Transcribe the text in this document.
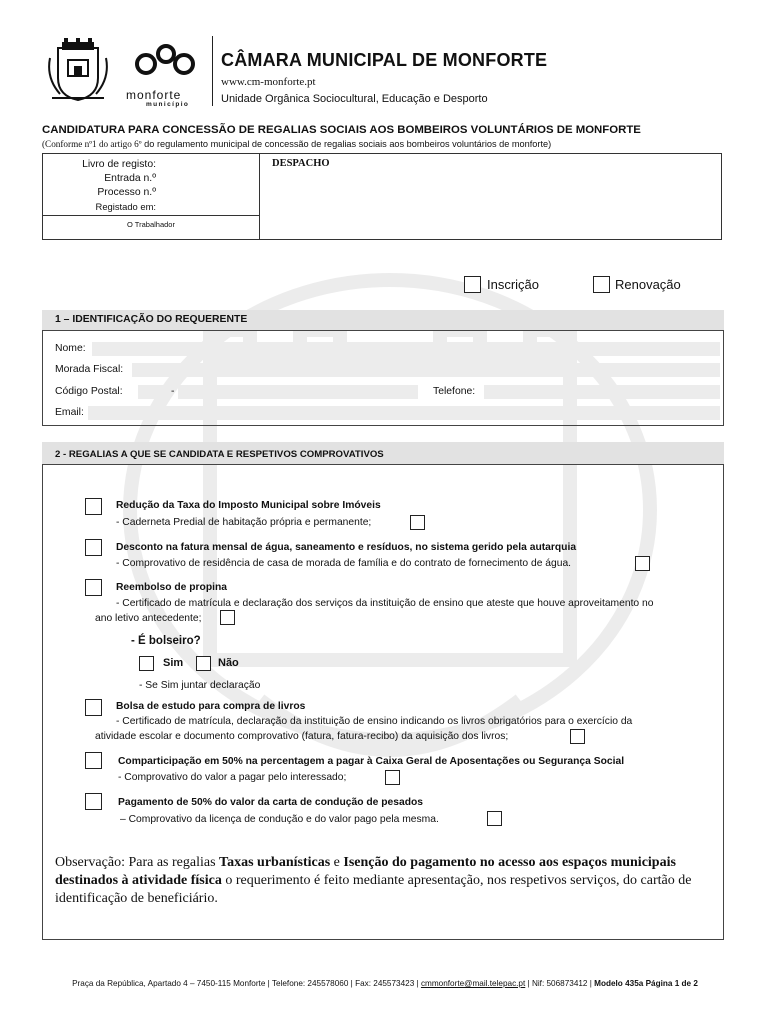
monforte
município
CÂMARA MUNICIPAL DE MONFORTE
www.cm-monforte.pt
Unidade Orgânica Sociocultural, Educação e Desporto
CANDIDATURA PARA CONCESSÃO DE REGALIAS SOCIAIS AOS BOMBEIROS VOLUNTÁRIOS DE MONFORTE
(Conforme nº1 do artigo 6º do regulamento municipal de concessão de regalias sociais aos bombeiros voluntários de monforte)
Livro de registo:
Entrada n.º
Processo n.º
Registado em:
O Trabalhador
DESPACHO
Inscrição	Renovação
1 – IDENTIFICAÇÃO DO REQUERENTE
Nome:
Morada Fiscal:
Código Postal:	-	Telefone:
Email:
2 - REGALIAS A QUE SE CANDIDATA E RESPETIVOS COMPROVATIVOS
Redução da Taxa do Imposto Municipal sobre Imóveis
- Caderneta Predial de habitação própria e permanente;
Desconto na fatura mensal de água, saneamento e resíduos, no sistema gerido pela autarquia
- Comprovativo de residência de casa de morada de família e do contrato de fornecimento de água.
Reembolso de propina
- Certificado de matrícula e declaração dos serviços da instituição de ensino que ateste que houve aproveitamento no
ano letivo antecedente;
- É bolseiro?
Sim	Não
- Se Sim juntar declaração
Bolsa de estudo para compra de livros
- Certificado de matrícula, declaração da instituição de ensino indicando os livros obrigatórios para o exercício da
atividade escolar e documento comprovativo (fatura, fatura-recibo) da aquisição dos livros;
Comparticipação em 50% na percentagem a pagar à Caixa Geral de Aposentações ou Segurança Social
- Comprovativo do valor a pagar pelo interessado;
Pagamento de 50% do valor da carta de condução de pesados
– Comprovativo da licença de condução e do valor pago pela mesma.
Observação: Para as regalias Taxas urbanísticas e Isenção do pagamento no acesso aos espaços municipais destinados à atividade física o requerimento é feito mediante apresentação, nos respetivos serviços, do cartão de identificação de beneficiário.
Praça da República, Apartado 4 – 7450-115 Monforte | Telefone: 245578060 | Fax: 245573423 | cmmonforte@mail.telepac.pt | Nif: 506873412 | Modelo 435a Página 1 de 2
